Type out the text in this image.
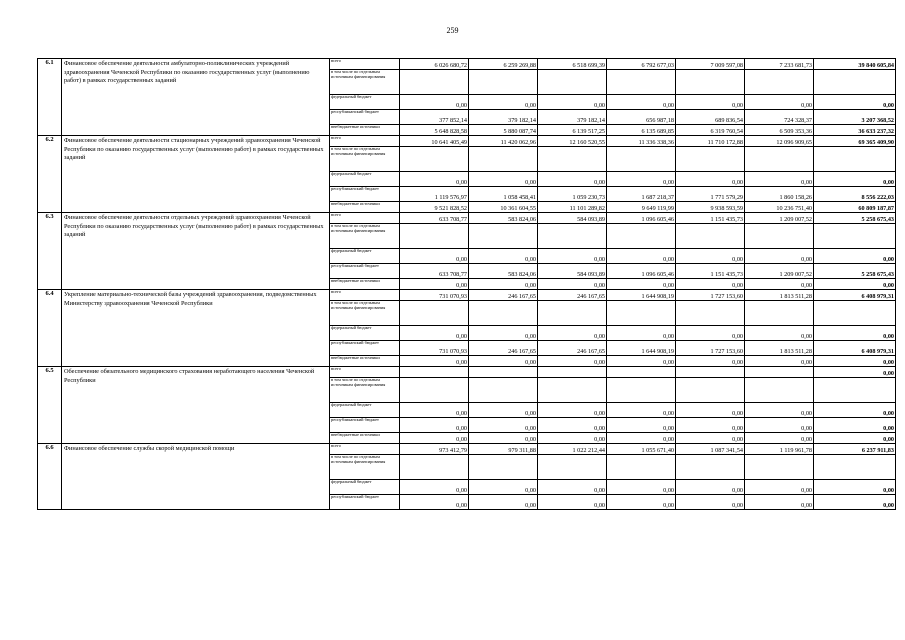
259
6.1	Финансовое обеспечение деятельности амбулаторно-поликлинических учреждений здравоохранения Чеченской Республики по оказанию государственных услуг (выполнению работ) в рамках государственных заданий	всего	6 026 680,72	6 259 269,88	6 518 699,39	6 792 677,03	7 009 597,08	7 233 681,73	39 840 605,84
		в том числе по отдельным источникам финансирования							
		федеральный бюджет	0,00	0,00	0,00	0,00	0,00	0,00	0,00
		республиканский бюджет	377 852,14	379 182,14	379 182,14	656 987,18	689 836,54	724 328,37	3 207 368,52
		внебюджетные источники	5 648 828,58	5 880 087,74	6 139 517,25	6 135 689,85	6 319 760,54	6 509 353,36	36 633 237,32
6.2	Финансовое обеспечение деятельности стационарных учреждений здравоохранения Чеченской Республики по оказанию государственных услуг (выполнению работ) в рамках государственных заданий	всего	10 641 405,49	11 420 062,96	12 160 520,55	11 336 338,36	11 710 172,88	12 096 909,65	69 365 409,90
		в том числе по отдельным источникам финансирования							
		федеральный бюджет	0,00	0,00	0,00	0,00	0,00	0,00	0,00
		республиканский бюджет	1 119 576,97	1 058 458,41	1 059 230,73	1 687 218,37	1 771 579,29	1 860 158,26	8 556 222,03
		внебюджетные источники	9 521 828,52	10 361 604,55	11 101 289,82	9 649 119,99	9 938 593,59	10 236 751,40	60 809 187,87
6.3	Финансовое обеспечение деятельности отдельных учреждений здравоохранения Чеченской Республики по оказанию государственных услуг (выполнению работ) в рамках государственных заданий	всего	633 708,77	583 824,06	584 093,89	1 096 605,46	1 151 435,73	1 209 007,52	5 258 675,43
		в том числе по отдельным источникам финансирования							
		федеральный бюджет	0,00	0,00	0,00	0,00	0,00	0,00	0,00
		республиканский бюджет	633 708,77	583 824,06	584 093,89	1 096 605,46	1 151 435,73	1 209 007,52	5 258 675,43
		внебюджетные источники	0,00	0,00	0,00	0,00	0,00	0,00	0,00
6.4	Укрепление материально-технической базы учреждений здравоохранения, подведомственных Министерству здравоохранения Чеченской Республики	всего	731 070,93	246 167,65	246 167,65	1 644 908,19	1 727 153,60	1 813 511,28	6 408 979,31
		в том числе по отдельным источникам финансирования							
		федеральный бюджет	0,00	0,00	0,00	0,00	0,00	0,00	0,00
		республиканский бюджет	731 070,93	246 167,65	246 167,65	1 644 908,19	1 727 153,60	1 813 511,28	6 408 979,31
		внебюджетные источники	0,00	0,00	0,00	0,00	0,00	0,00	0,00
6.5	Обеспечение обязательного медицинского страхования неработающего населения Чеченской Республики	всего							0,00
		в том числе по отдельным источникам финансирования							
		федеральный бюджет	0,00	0,00	0,00	0,00	0,00	0,00	0,00
		республиканский бюджет	0,00	0,00	0,00	0,00	0,00	0,00	0,00
		внебюджетные источники	0,00	0,00	0,00	0,00	0,00	0,00	0,00
6.6	Финансовое обеспечение службы скорой медицинской помощи	всего	973 412,79	979 311,88	1 022 212,44	1 055 671,40	1 087 341,54	1 119 961,78	6 237 911,83
		в том числе по отдельным источникам финансирования							
		федеральный бюджет	0,00	0,00	0,00	0,00	0,00	0,00	0,00
		республиканский бюджет	0,00	0,00	0,00	0,00	0,00	0,00	0,00
